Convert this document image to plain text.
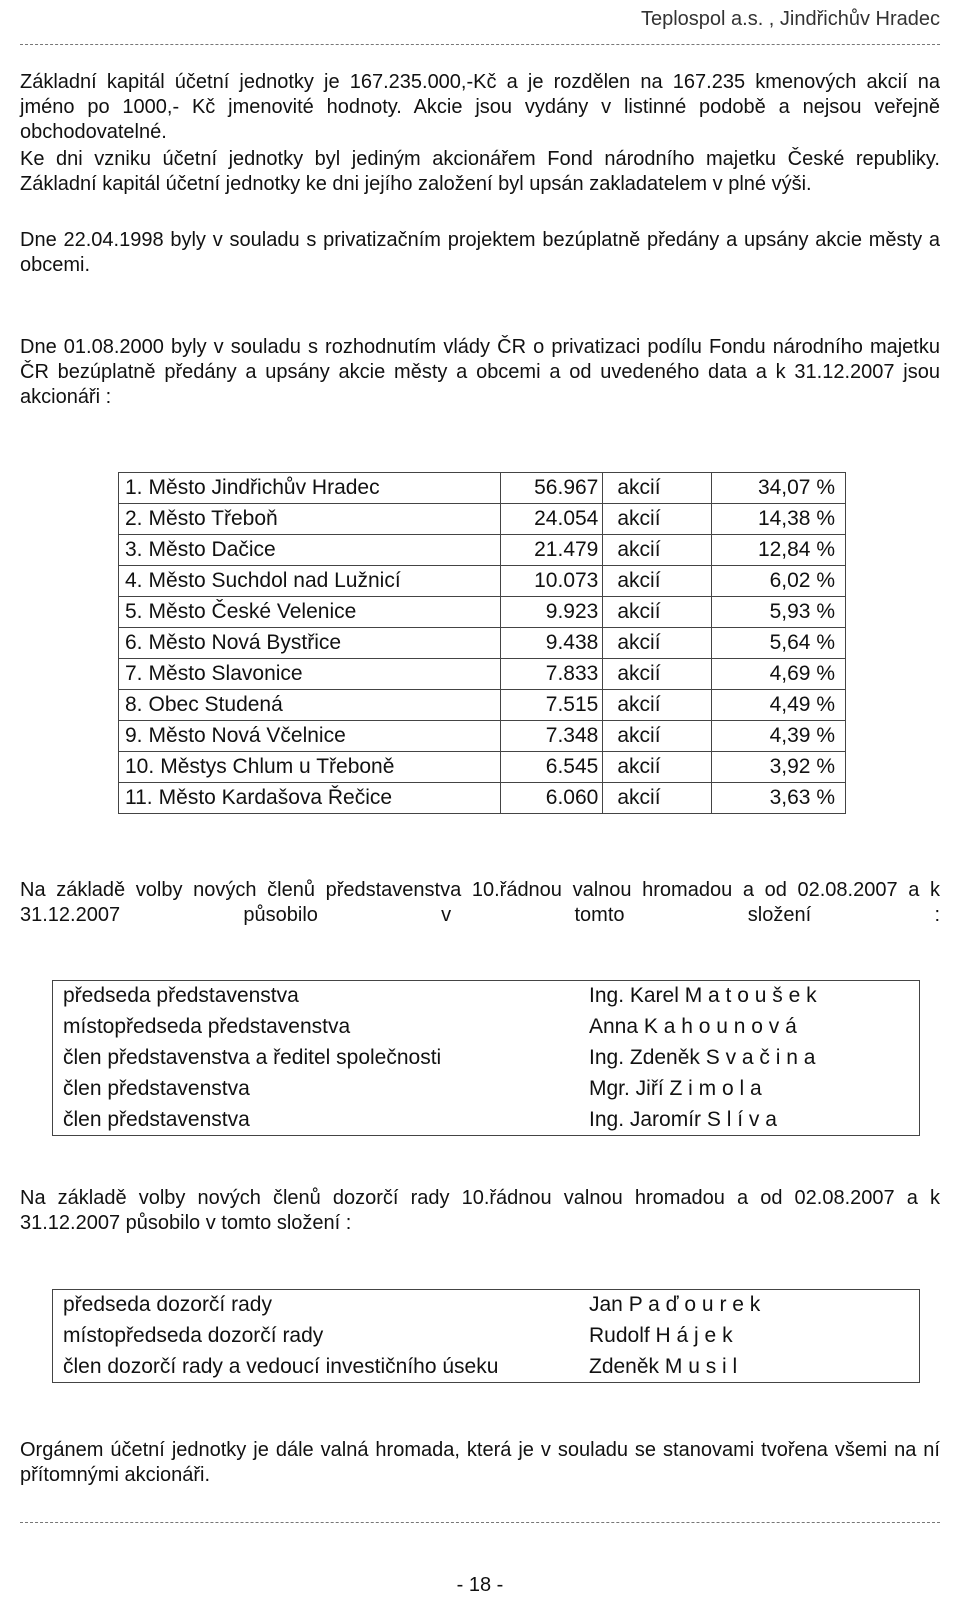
Teplospol a.s. , Jindřichův Hradec

Základní kapitál účetní jednotky je 167.235.000,-Kč a je rozdělen na 167.235 kmenových akcií na jméno po 1000,- Kč jmenovité hodnoty. Akcie jsou vydány v listinné podobě a nejsou veřejně obchodovatelné.

Ke dni vzniku účetní jednotky byl jediným akcionářem Fond národního majetku České republiky. Základní kapitál účetní jednotky ke dni jejího založení byl upsán zakladatelem v plné výši.

Dne 22.04.1998 byly v souladu s privatizačním projektem bezúplatně předány a upsány akcie městy a obcemi.

Dne 01.08.2000 byly v souladu s rozhodnutím vlády ČR o privatizaci podílu Fondu národního majetku ČR bezúplatně předány a upsány akcie městy a obcemi a od uvedeného data a k 31.12.2007 jsou akcionáři :

1. Město Jindřichův Hradec	56.967	akcií	34,07 %
2. Město Třeboň	24.054	akcií	14,38 %
3. Město Dačice	21.479	akcií	12,84 %
4. Město Suchdol nad Lužnicí	10.073	akcií	6,02 %
5. Město České Velenice	9.923	akcií	5,93 %
6. Město Nová Bystřice	9.438	akcií	5,64 %
7. Město Slavonice	7.833	akcií	4,69 %
8. Obec Studená	7.515	akcií	4,49 %
9. Město Nová Včelnice	7.348	akcií	4,39 %
10. Městys Chlum u Třeboně	6.545	akcií	3,92 %
11. Město Kardašova Řečice	6.060	akcií	3,63 %

Na základě volby nových členů představenstva 10.řádnou valnou hromadou a od 02.08.2007 a k 31.12.2007 působilo v tomto složení :

předseda představenstva	Ing. Karel M a t o u š e k
místopředseda představenstva	Anna K a h o u n o v á
člen představenstva a ředitel společnosti	Ing. Zdeněk S v a č i n a
člen představenstva	Mgr. Jiří Z i m o l a
člen představenstva	Ing. Jaromír S l í v a

Na základě volby nových členů dozorčí rady 10.řádnou valnou hromadou a od 02.08.2007 a k 31.12.2007 působilo v tomto složení :

předseda dozorčí rady	Jan P a ď o u r e k
místopředseda dozorčí rady	Rudolf H á j e k
člen dozorčí rady a vedoucí investičního úseku	Zdeněk M u s i l

Orgánem účetní jednotky je dále valná hromada, která je v souladu se stanovami tvořena všemi na ní přítomnými akcionáři.

- 18 -
